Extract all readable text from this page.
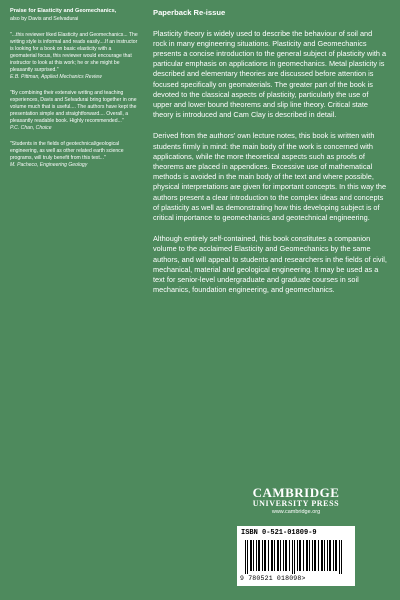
Praise for Elasticity and Geomechanics,
also by Davis and Selvadurai
"...this reviewer liked Elasticity and Geomechanics... The writing style is informal and reads easily....If an instructor is looking for a book on basic elasticity with a geomaterial focus, this reviewer would encourage that instructor to look at this work; he or she might be pleasantly surprised."
E.B. Pittman, Applied Mechanics Review
"By combining their extensive writing and teaching experiences, Davis and Selvadurai bring together in one volume much that is useful.... The authors have kept the presentation simple and straightforward.... Overall, a pleasantly readable book. Highly recommended..."
P.C. Chan, Choice
"Students in the fields of geotechnical/geological engineering, as well as other related earth science programs, will truly benefit from this text..."
M. Pacheco, Engineering Geology
Paperback Re-issue

Plasticity theory is widely used to describe the behaviour of soil and rock in many engineering situations. Plasticity and Geomechanics presents a concise introduction to the general subject of plasticity with a particular emphasis on applications in geomechanics. Metal plasticity is described and elementary theories are discussed before attention is focused specifically on geomaterials. The greater part of the book is devoted to the classical aspects of plasticity, particularly the use of upper and lower bound theorems and slip line theory. Critical state theory is introduced and Cam Clay is described in detail.

Derived from the authors' own lecture notes, this book is written with students firmly in mind: the main body of the work is concerned with applications, while the more theoretical aspects such as proofs of theorems are placed in appendices. Excessive use of mathematical methods is avoided in the main body of the text and where possible, physical interpretations are given for important concepts. In this way the authors present a clear introduction to the complex ideas and concepts of plasticity as well as demonstrating how this developing subject is of critical importance to geomechanics and geotechnical engineering.

Although entirely self-contained, this book constitutes a companion volume to the acclaimed Elasticity and Geomechanics by the same authors, and will appeal to students and researchers in the fields of civil, mechanical, material and geological engineering. It may be used as a text for senior-level undergraduate and graduate courses in soil mechanics, foundation engineering, and geomechanics.

CAMBRIDGE
UNIVERSITY PRESS
www.cambridge.org
ISBN 0-521-01809-9
9 780521 018098>
